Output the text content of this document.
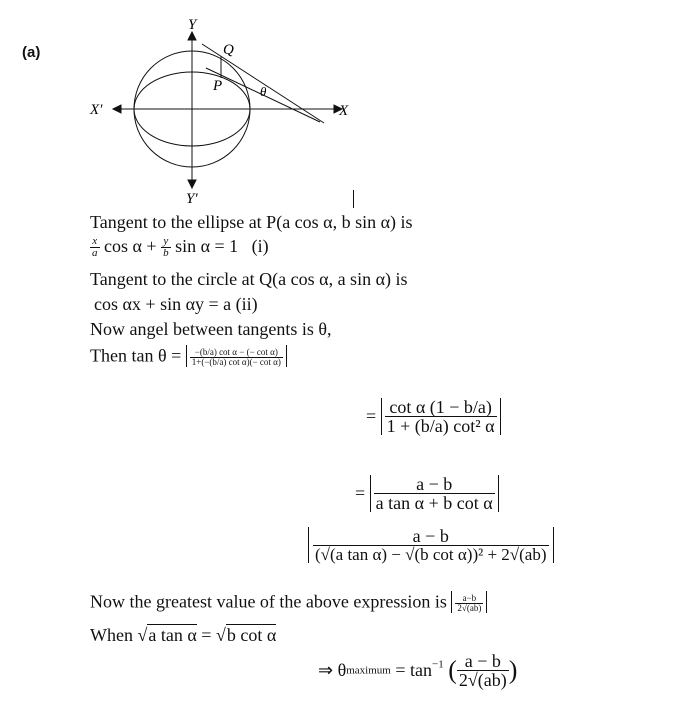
(a)
Y
Y′
X′	X
Q
P	θ
Tangent to the ellipse at P(a cos α, b sin α) is
$\frac{x}{a}$ $\cos \alpha + \frac{y}{b}$ sin α = 1 (i)
Tangent to the circle at Q(a cos α, a sin α) is
cos αx + sin αy = a (ii)
Now angel between tangents is θ,
Then $\tan \theta = \frac{\text{−(b/a) cot α − (− cot α)}}{\text{1+(−(b/a) cot α)(− cot α)}}$
= $\frac{\text{cot α (1 − b/a)}}{\text{1 + (b/a) cot² α}}$
= $\frac{a - b}{\text{a tan α + b cot α}}$
$\frac{a - b}{\text{(√(a tan α) − √(b cot α))² + 2√(ab)}}$
Now the greatest value of the above expression is $\frac{a-b}{2√(ab)}$
When √a tan α = √b cot α
⇒ θmaximum = $\tan^{-1}$ ( $\frac{a - b}{2√(ab)}$ )
